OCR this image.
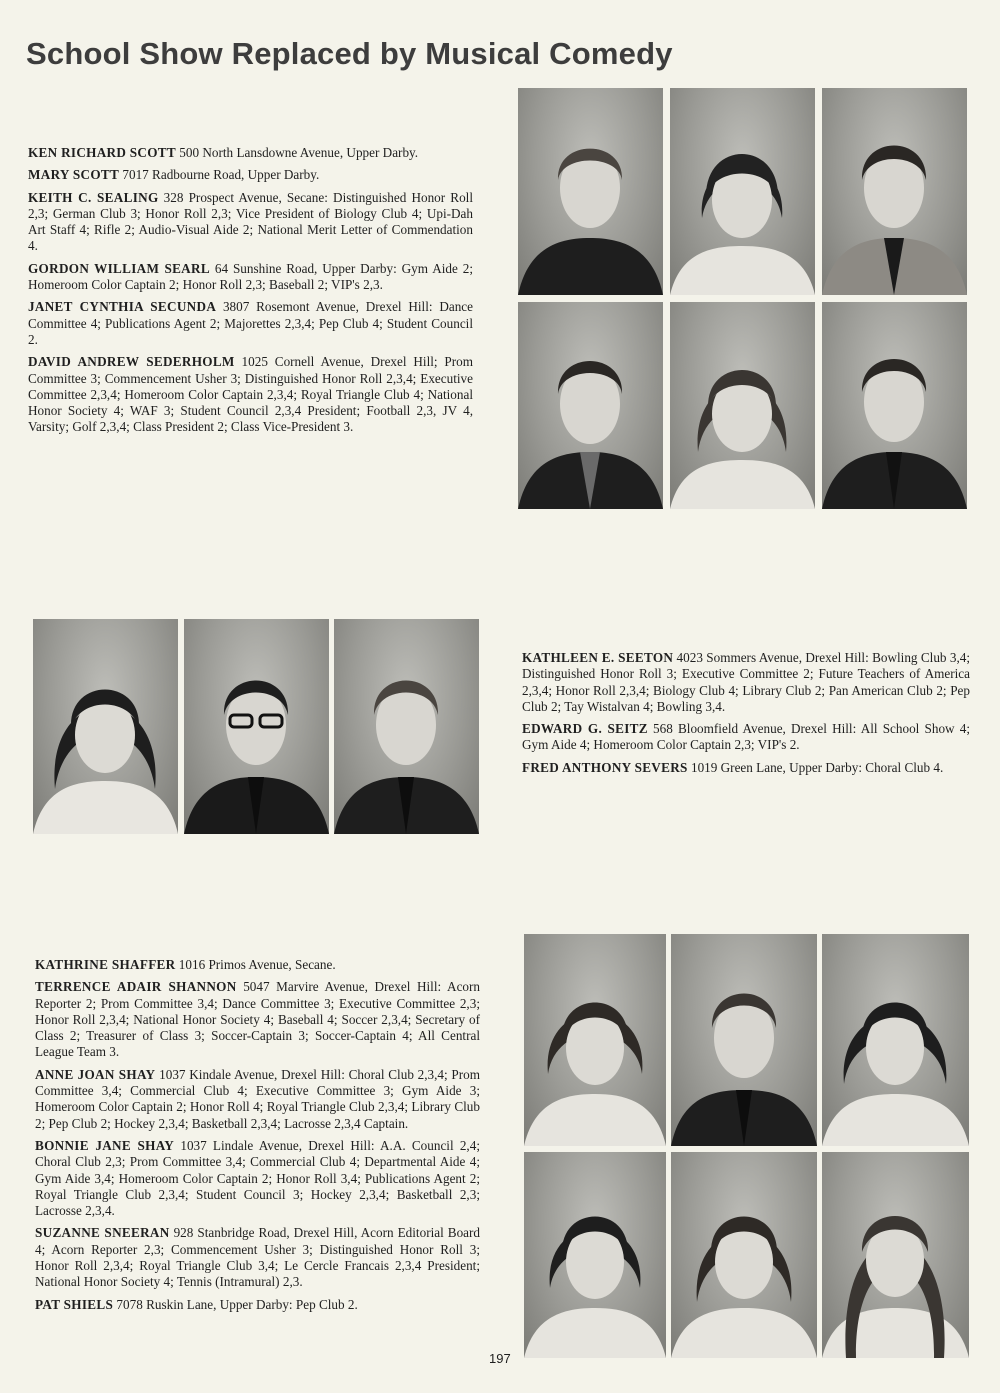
School Show Replaced by Musical Comedy

KEN RICHARD SCOTT 500 North Lansdowne Avenue, Upper Darby.

MARY SCOTT 7017 Radbourne Road, Upper Darby.

KEITH C. SEALING 328 Prospect Avenue, Secane: Distinguished Honor Roll 2,3; German Club 3; Honor Roll 2,3; Vice President of Biology Club 4; Upi-Dah Art Staff 4; Rifle 2; Audio-Visual Aide 2; National Merit Letter of Commendation 4.

GORDON WILLIAM SEARL 64 Sunshine Road, Upper Darby: Gym Aide 2; Homeroom Color Captain 2; Honor Roll 2,3; Baseball 2; VIP's 2,3.

JANET CYNTHIA SECUNDA 3807 Rosemont Avenue, Drexel Hill: Dance Committee 4; Publications Agent 2; Majorettes 2,3,4; Pep Club 4; Student Council 2.

DAVID ANDREW SEDERHOLM 1025 Cornell Avenue, Drexel Hill; Prom Committee 3; Commencement Usher 3; Distinguished Honor Roll 2,3,4; Executive Committee 2,3,4; Homeroom Color Captain 2,3,4; Royal Triangle Club 4; National Honor Society 4; WAF 3; Student Council 2,3,4 President; Football 2,3, JV 4, Varsity; Golf 2,3,4; Class President 2; Class Vice-President 3.

KATHLEEN E. SEETON 4023 Sommers Avenue, Drexel Hill: Bowling Club 3,4; Distinguished Honor Roll 3; Executive Committee 2; Future Teachers of America 2,3,4; Honor Roll 2,3,4; Biology Club 4; Library Club 2; Pan American Club 2; Pep Club 2; Tay Wistalvan 4; Bowling 3,4.

EDWARD G. SEITZ 568 Bloomfield Avenue, Drexel Hill: All School Show 4; Gym Aide 4; Homeroom Color Captain 2,3; VIP's 2.

FRED ANTHONY SEVERS 1019 Green Lane, Upper Darby: Choral Club 4.

KATHRINE SHAFFER 1016 Primos Avenue, Secane.

TERRENCE ADAIR SHANNON 5047 Marvire Avenue, Drexel Hill: Acorn Reporter 2; Prom Committee 3,4; Dance Committee 3; Executive Committee 2,3; Honor Roll 2,3,4; National Honor Society 4; Baseball 4; Soccer 2,3,4; Secretary of Class 2; Treasurer of Class 3; Soccer-Captain 3; Soccer-Captain 4; All Central League Team 3.

ANNE JOAN SHAY 1037 Kindale Avenue, Drexel Hill: Choral Club 2,3,4; Prom Committee 3,4; Commercial Club 4; Executive Committee 3; Gym Aide 3; Homeroom Color Captain 2; Honor Roll 4; Royal Triangle Club 2,3,4; Library Club 2; Pep Club 2; Hockey 2,3,4; Basketball 2,3,4; Lacrosse 2,3,4 Captain.

BONNIE JANE SHAY 1037 Lindale Avenue, Drexel Hill: A.A. Council 2,4; Choral Club 2,3; Prom Committee 3,4; Commercial Club 4; Departmental Aide 4; Gym Aide 3,4; Homeroom Color Captain 2; Honor Roll 3,4; Publications Agent 2; Royal Triangle Club 2,3,4; Student Council 3; Hockey 2,3,4; Basketball 2,3; Lacrosse 2,3,4.

SUZANNE SNEERAN 928 Stanbridge Road, Drexel Hill, Acorn Editorial Board 4; Acorn Reporter 2,3; Commencement Usher 3; Distinguished Honor Roll 3; Honor Roll 2,3,4; Royal Triangle Club 3,4; Le Cercle Francais 2,3,4 President; National Honor Society 4; Tennis (Intramural) 2,3.

PAT SHIELS 7078 Ruskin Lane, Upper Darby: Pep Club 2.

197
